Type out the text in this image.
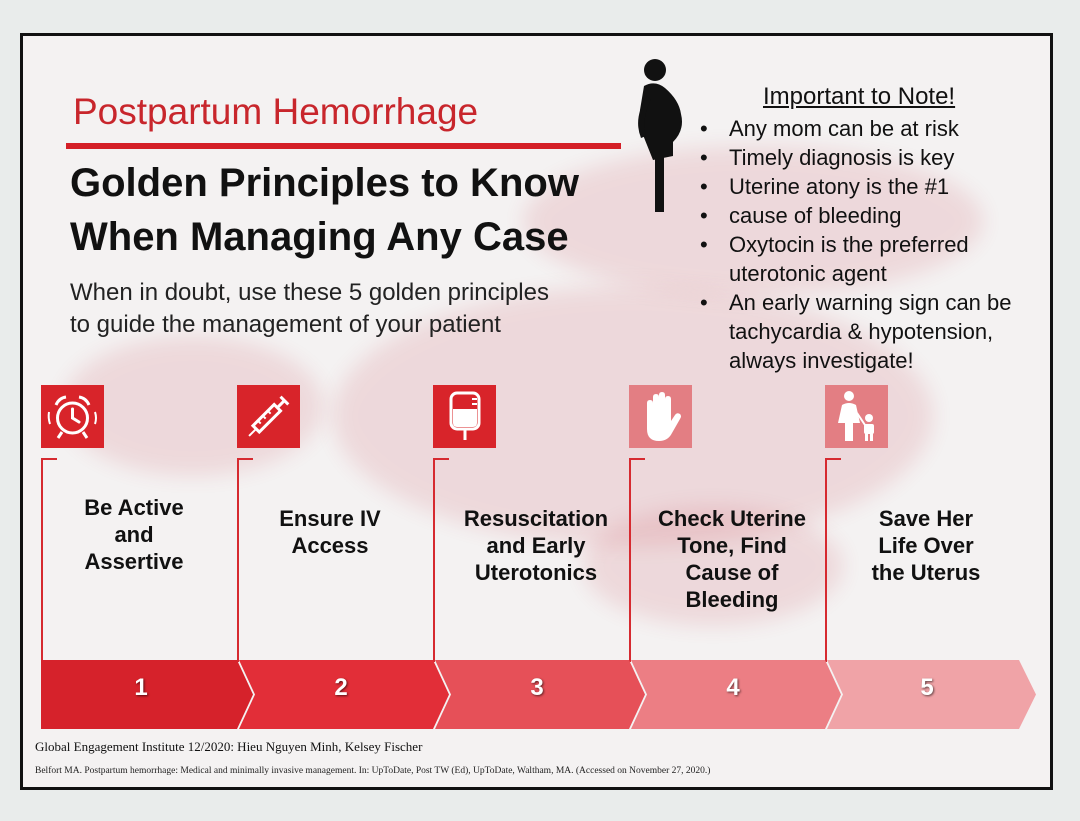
Postpartum Hemorrhage
Golden Principles to Know
When Managing Any Case

When in doubt, use these 5 golden principles
to guide the management of your patient

Important to Note!
• Any mom can be at risk
• Timely diagnosis is key
• Uterine atony is the #1
• cause of bleeding
• Oxytocin is the preferred
uterotonic agent
• An early warning sign can be
tachycardia & hypotension,
always investigate!
Be Active
and
Assertive
Ensure IV
Access
Resuscitation
and Early
Uterotonics
Check Uterine
Tone, Find
Cause of
Bleeding
Save Her
Life Over
the Uterus
1	2	3	4	5

Global Engagement Institute 12/2020: Hieu Nguyen Minh, Kelsey Fischer

Belfort MA. Postpartum hemorrhage: Medical and minimally invasive management. In: UpToDate, Post TW (Ed), UpToDate, Waltham, MA. (Accessed on November 27, 2020.)
